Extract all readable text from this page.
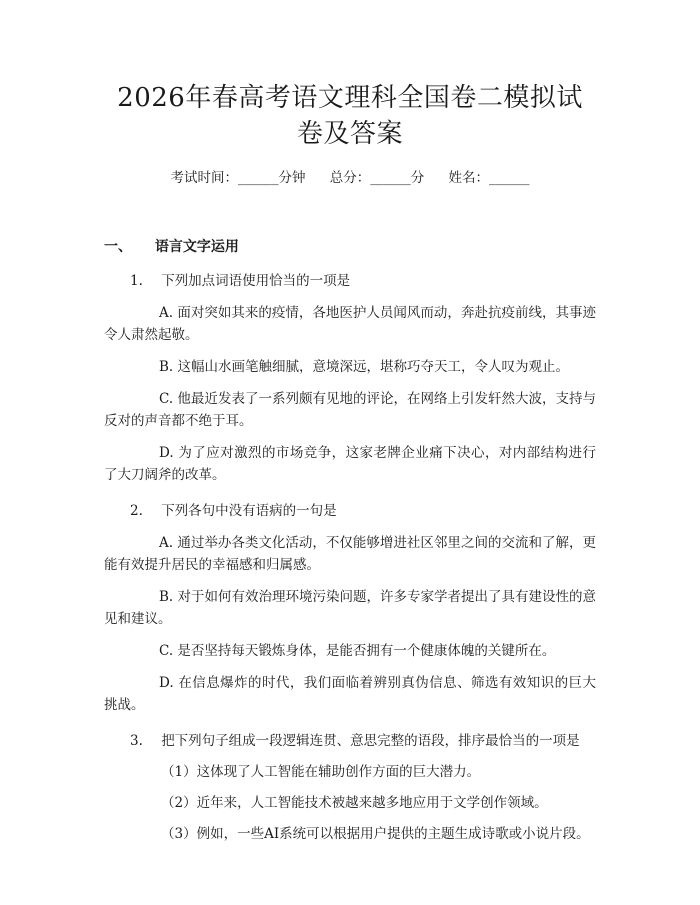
2026年春高考语文理科全国卷二模拟试卷及答案
考试时间：______分钟 总分：______分 姓名：______
一、 语言文字运用
1. 下列加点词语使用恰当的一项是
A. 面对突如其来的疫情，各地医护人员闻风而动，奔赴抗疫前线，其事迹令人肃然起敬。
B. 这幅山水画笔触细腻，意境深远，堪称巧夺天工，令人叹为观止。
C. 他最近发表了一系列颇有见地的评论，在网络上引发轩然大波，支持与反对的声音都不绝于耳。
D. 为了应对激烈的市场竞争，这家老牌企业痛下决心，对内部结构进行了大刀阔斧的改革。
2. 下列各句中没有语病的一句是
A. 通过举办各类文化活动，不仅能够增进社区邻里之间的交流和了解，更能有效提升居民的幸福感和归属感。
B. 对于如何有效治理环境污染问题，许多专家学者提出了具有建设性的意见和建议。
C. 是否坚持每天锻炼身体，是能否拥有一个健康体魄的关键所在。
D. 在信息爆炸的时代，我们面临着辨别真伪信息、筛选有效知识的巨大挑战。
3. 把下列句子组成一段逻辑连贯、意思完整的语段，排序最恰当的一项是
（1）这体现了人工智能在辅助创作方面的巨大潜力。
（2）近年来，人工智能技术被越来越多地应用于文学创作领域。
（3）例如，一些AI系统可以根据用户提供的主题生成诗歌或小说片段。
